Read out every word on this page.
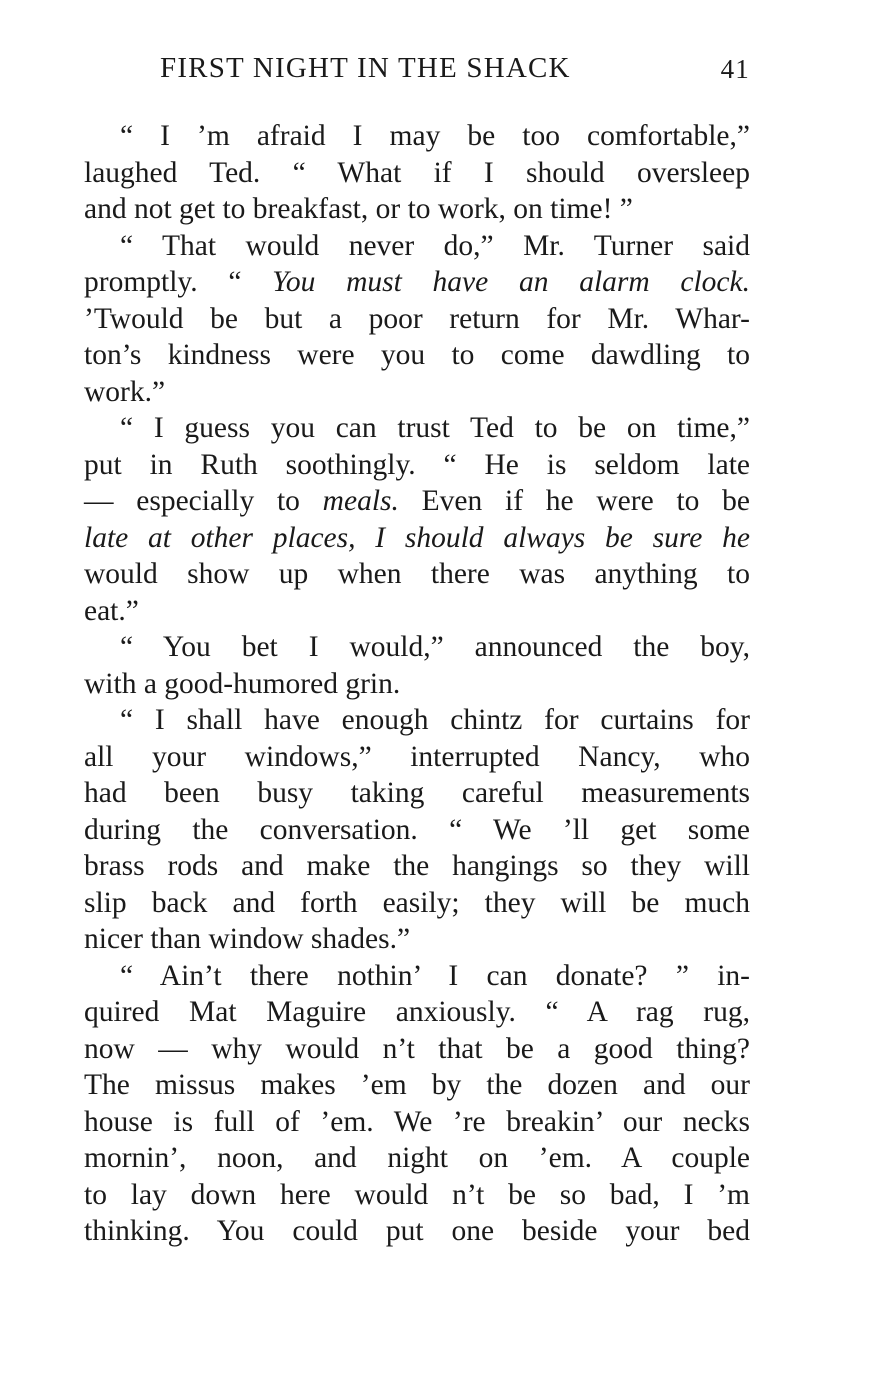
FIRST NIGHT IN THE SHACK	41

“ I ’m afraid I may be too comfortable,”
laughed Ted. “ What if I should oversleep
and not get to breakfast, or to work, on time! ”

“ That would never do,” Mr. Turner said
promptly. “ You must have an alarm clock.
’Twould be but a poor return for Mr. Whar-
ton’s kindness were you to come dawdling to
work.”

“ I guess you can trust Ted to be on time,”
put in Ruth soothingly. “ He is seldom late
— especially to meals. Even if he were to be
late at other places, I should always be sure he
would show up when there was anything to
eat.”

“ You bet I would,” announced the boy,
with a good-humored grin.

“ I shall have enough chintz for curtains for
all your windows,” interrupted Nancy, who
had been busy taking careful measurements
during the conversation. “ We ’ll get some
brass rods and make the hangings so they will
slip back and forth easily; they will be much
nicer than window shades.”

“ Ain’t there nothin’ I can donate? ” in-
quired Mat Maguire anxiously. “ A rag rug,
now — why would n’t that be a good thing?
The missus makes ’em by the dozen and our
house is full of ’em. We ’re breakin’ our necks
mornin’, noon, and night on ’em. A couple
to lay down here would n’t be so bad, I ’m
thinking. You could put one beside your bed
